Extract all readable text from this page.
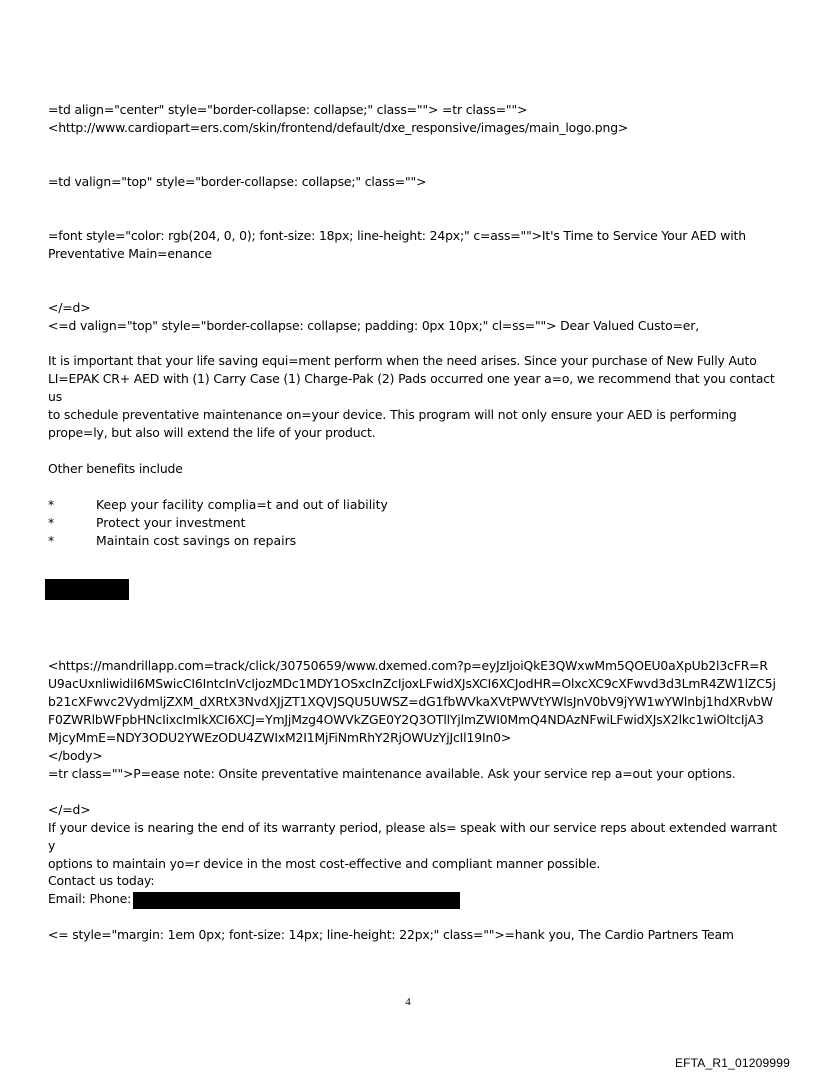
=td align="center" style="border-collapse: collapse;" class=""> =tr class="">
<http://www.cardiopart=ers.com/skin/frontend/default/dxe_responsive/images/main_logo.png>
=td valign="top" style="border-collapse: collapse;" class="">
=font style="color: rgb(204, 0, 0); font-size: 18px; line-height: 24px;" c=ass="">It's Time to Service Your AED with
Preventative Main=enance
</=d>
<=d valign="top" style="border-collapse: collapse; padding: 0px 10px;" cl=ss=""> Dear Valued Custo=er,
It is important that your life saving equi=ment perform when the need arises. Since your purchase of New Fully Auto
LI=EPAK CR+ AED with (1) Carry Case (1) Charge-Pak (2) Pads occurred one year a=o, we recommend that you contact us
to schedule preventative maintenance on=your device. This program will not only ensure your AED is performing
prope=ly, but also will extend the life of your product.
Other benefits include
*	Keep your facility complia=t and out of liability
*	Protect your investment
*	Maintain cost savings on repairs
<https://mandrillapp.com=track/click/30750659/www.dxemed.com?p=eyJzIjoiQkE3QWxwMm5QOEU0aXpUb2l3cFR=R
U9acUxnliwidiI6MSwicCI6IntcInVcIjozMDc1MDY1OSxcInZcIjoxLFwidXJsXCI6XCJodHR=OlxcXC9cXFwvd3d3LmR4ZW1lZC5j
b21cXFwvc2VydmljZXM_dXRtX3NvdXJjZT1XQVJSQU5UWSZ=dG1fbWVkaXVtPWVtYWlsJnV0bV9jYW1wYWlnbj1hdXRvbW
F0ZWRlbWFpbHNcIixcImlkXCI6XCJ=YmJjMzg4OWVkZGE0Y2Q3OTllYjlmZWI0MmQ4NDAzNFwiLFwidXJsX2lkc1wiOltcIjA3
MjcyMmE=NDY3ODU2YWEzODU4ZWIxM2I1MjFiNmRhY2RjOWUzYjJcIl19In0>
</body>
=tr class="">P=ease note: Onsite preventative maintenance available. Ask your service rep a=out your options.
</=d>
If your device is nearing the end of its warranty period, please als= speak with our service reps about extended warranty
options to maintain yo=r device in the most cost-effective and compliant manner possible.
Contact us today:
Email: Phone:
<= style="margin: 1em 0px; font-size: 14px; line-height: 22px;" class="">=hank you, The Cardio Partners Team
4
EFTA_R1_01209999
